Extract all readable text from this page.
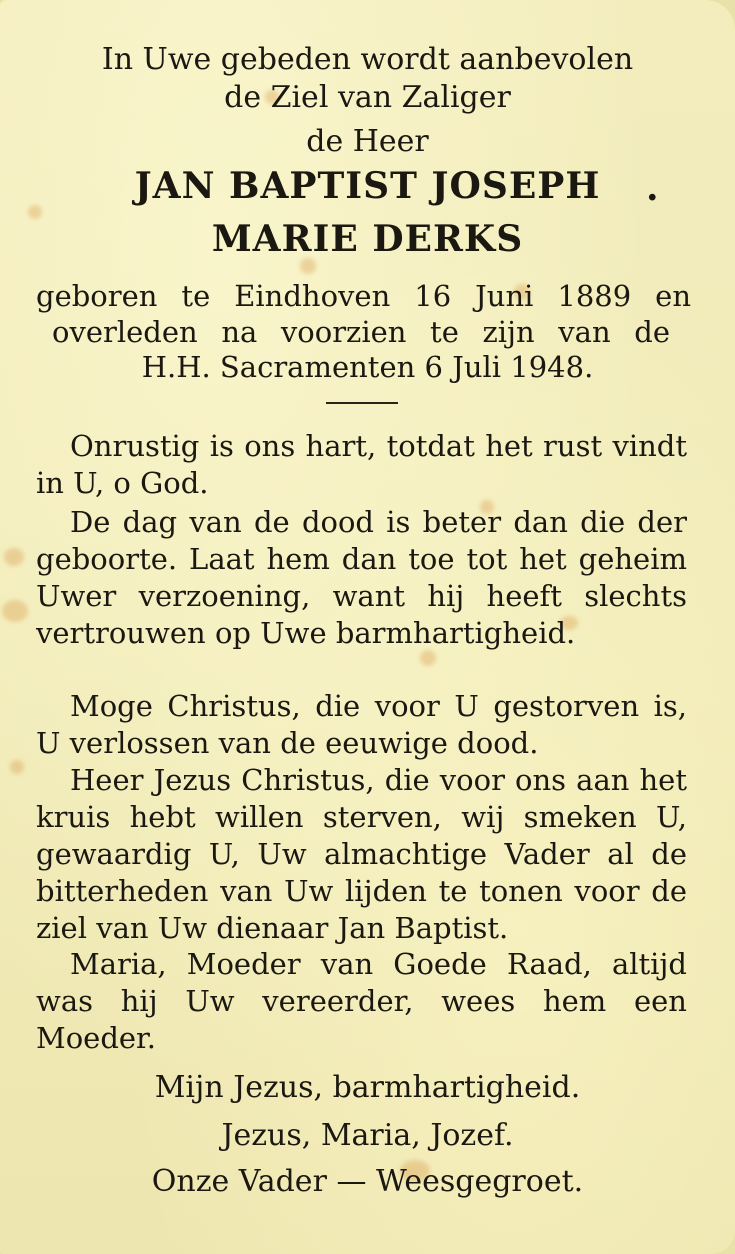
In Uwe gebeden wordt aanbevolen
de Ziel van Zaliger
de Heer
JAN BAPTIST JOSEPH	·
MARIE DERKS
geboren te Eindhoven 16 Juni 1889 en
overleden na voorzien te zijn van de
H.H. Sacramenten 6 Juli 1948.
Onrustig is ons hart, totdat het rust vindt in U, o God.
De dag van de dood is beter dan die der geboorte. Laat hem dan toe tot het geheim Uwer verzoening, want hij heeft slechts vertrouwen op Uwe barmhartigheid.
Moge Christus, die voor U gestorven is, U verlossen van de eeuwige dood.
Heer Jezus Christus, die voor ons aan het kruis hebt willen sterven, wij smeken U, gewaardig U, Uw almachtige Vader al de bitterheden van Uw lijden te tonen voor de ziel van Uw dienaar Jan Baptist.
Maria, Moeder van Goede Raad, altijd was hij Uw vereerder, wees hem een Moeder.
Mijn Jezus, barmhartigheid.
Jezus, Maria, Jozef.
Onze Vader — Weesgegroet.
